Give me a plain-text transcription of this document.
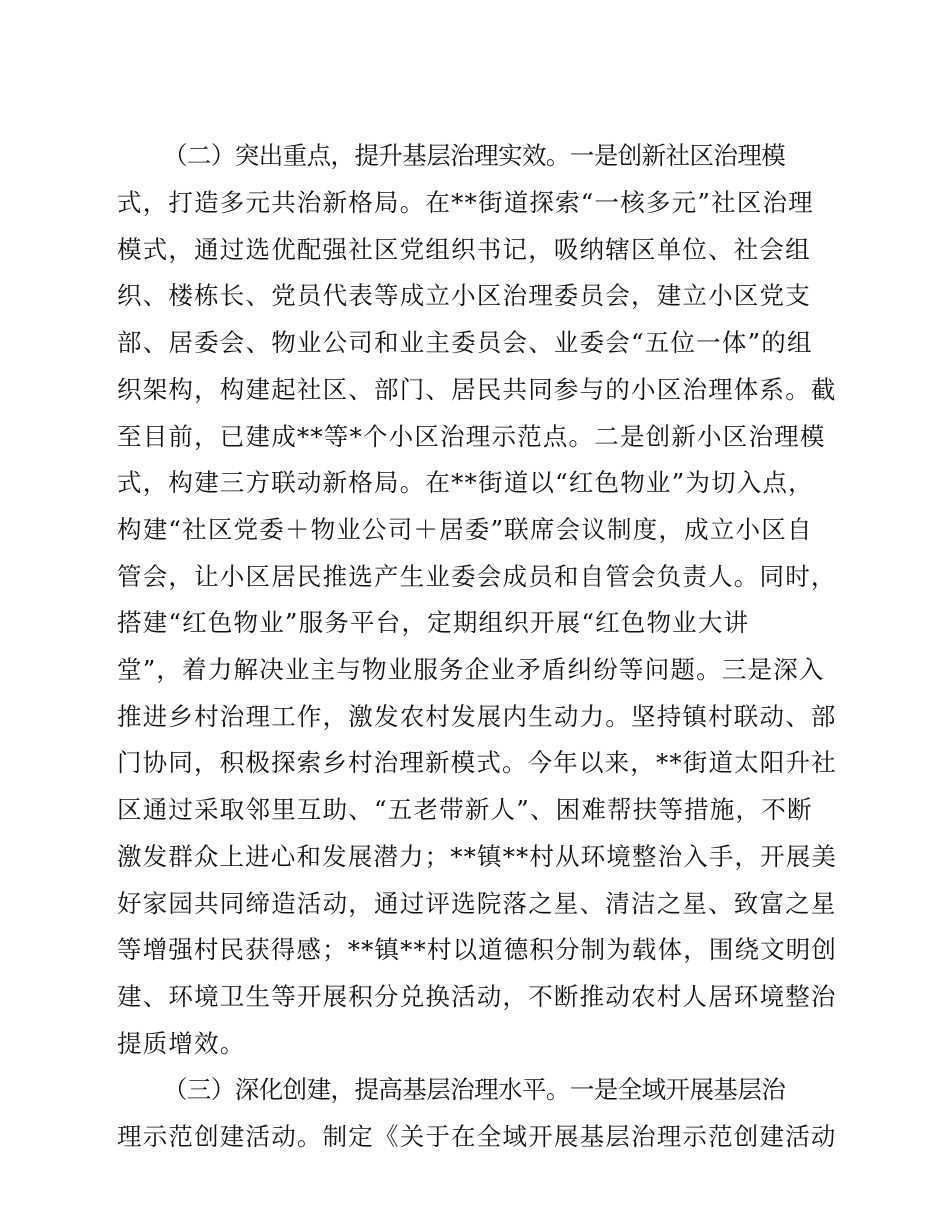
（二）突出重点，提升基层治理实效。一是创新社区治理模
式，打造多元共治新格局。在**街道探索“一核多元”社区治理
模式，通过选优配强社区党组织书记，吸纳辖区单位、社会组
织、楼栋长、党员代表等成立小区治理委员会，建立小区党支
部、居委会、物业公司和业主委员会、业委会“五位一体”的组
织架构，构建起社区、部门、居民共同参与的小区治理体系。截
至目前，已建成**等*个小区治理示范点。二是创新小区治理模
式，构建三方联动新格局。在**街道以“红色物业”为切入点，
构建“社区党委＋物业公司＋居委”联席会议制度，成立小区自
管会，让小区居民推选产生业委会成员和自管会负责人。同时，
搭建“红色物业”服务平台，定期组织开展“红色物业大讲
堂”，着力解决业主与物业服务企业矛盾纠纷等问题。三是深入
推进乡村治理工作，激发农村发展内生动力。坚持镇村联动、部
门协同，积极探索乡村治理新模式。今年以来，**街道太阳升社
区通过采取邻里互助、“五老带新人”、困难帮扶等措施，不断
激发群众上进心和发展潜力；**镇**村从环境整治入手，开展美
好家园共同缔造活动，通过评选院落之星、清洁之星、致富之星
等增强村民获得感；**镇**村以道德积分制为载体，围绕文明创
建、环境卫生等开展积分兑换活动，不断推动农村人居环境整治
提质增效。
（三）深化创建，提高基层治理水平。一是全域开展基层治
理示范创建活动。制定《关于在全域开展基层治理示范创建活动
